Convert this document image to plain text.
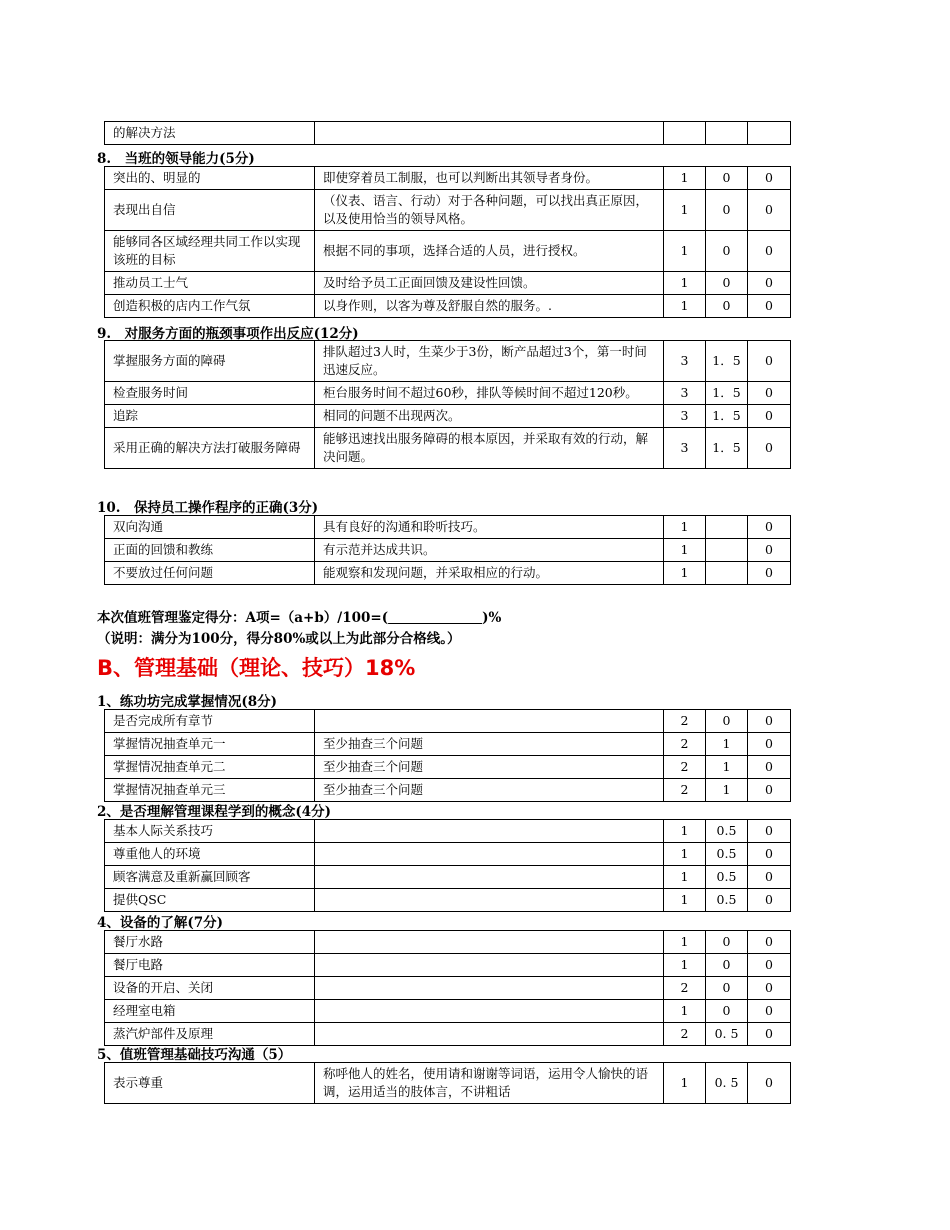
的解决方法				
8.　当班的领导能力(5分)
突出的、明显的	即使穿着员工制服，也可以判断出其领导者身份。	1	0	0
表现出自信	（仪表、语言、行动）对于各种问题，可以找出真正原因，以及使用恰当的领导风格。	1	0	0
能够同各区域经理共同工作以实现该班的目标	根据不同的事项，选择合适的人员，进行授权。	1	0	0
推动员工士气	及时给予员工正面回馈及建设性回馈。	1	0	0
创造积极的店内工作气氛	以身作则，以客为尊及舒服自然的服务。.	1	0	0
9.　对服务方面的瓶颈事项作出反应(12分)
掌握服务方面的障碍	排队超过3人时，生菜少于3份，断产品超过3个，第一时间迅速反应。	3	1．5	0
检查服务时间	柜台服务时间不超过60秒，排队等候时间不超过120秒。	3	1．5	0
追踪	相同的问题不出现两次。	3	1．5	0
采用正确的解决方法打破服务障碍	能够迅速找出服务障碍的根本原因，并采取有效的行动，解决问题。	3	1．5	0
10.　保持员工操作程序的正确(3分)
双向沟通	具有良好的沟通和聆听技巧。	1		0
正面的回馈和教练	有示范并达成共识。	1		0
不要放过任何问题	能观察和发现问题，并采取相应的行动。	1		0
本次值班管理鉴定得分：A项=（a+b）/100=(	)%
（说明：满分为100分，得分80%或以上为此部分合格线。）
B、管理基础（理论、技巧）18%
1、练功坊完成掌握情况(8分)
是否完成所有章节		2	0	0
掌握情况抽查单元一	至少抽查三个问题	2	1	0
掌握情况抽查单元二	至少抽查三个问题	2	1	0
掌握情况抽查单元三	至少抽查三个问题	2	1	0
2、是否理解管理课程学到的概念(4分)
基本人际关系技巧		1	0.5	0
尊重他人的环境		1	0.5	0
顾客满意及重新赢回顾客		1	0.5	0
提供QSC		1	0.5	0
4、设备的了解(7分)
餐厅水路		1	0	0
餐厅电路		1	0	0
设备的开启、关闭		2	0	0
经理室电箱		1	0	0
蒸汽炉部件及原理		2	0. 5	0
5、值班管理基础技巧沟通（5）
表示尊重	称呼他人的姓名，使用请和谢谢等词语，运用令人愉快的语调，运用适当的肢体言，不讲粗话	1	0. 5	0
